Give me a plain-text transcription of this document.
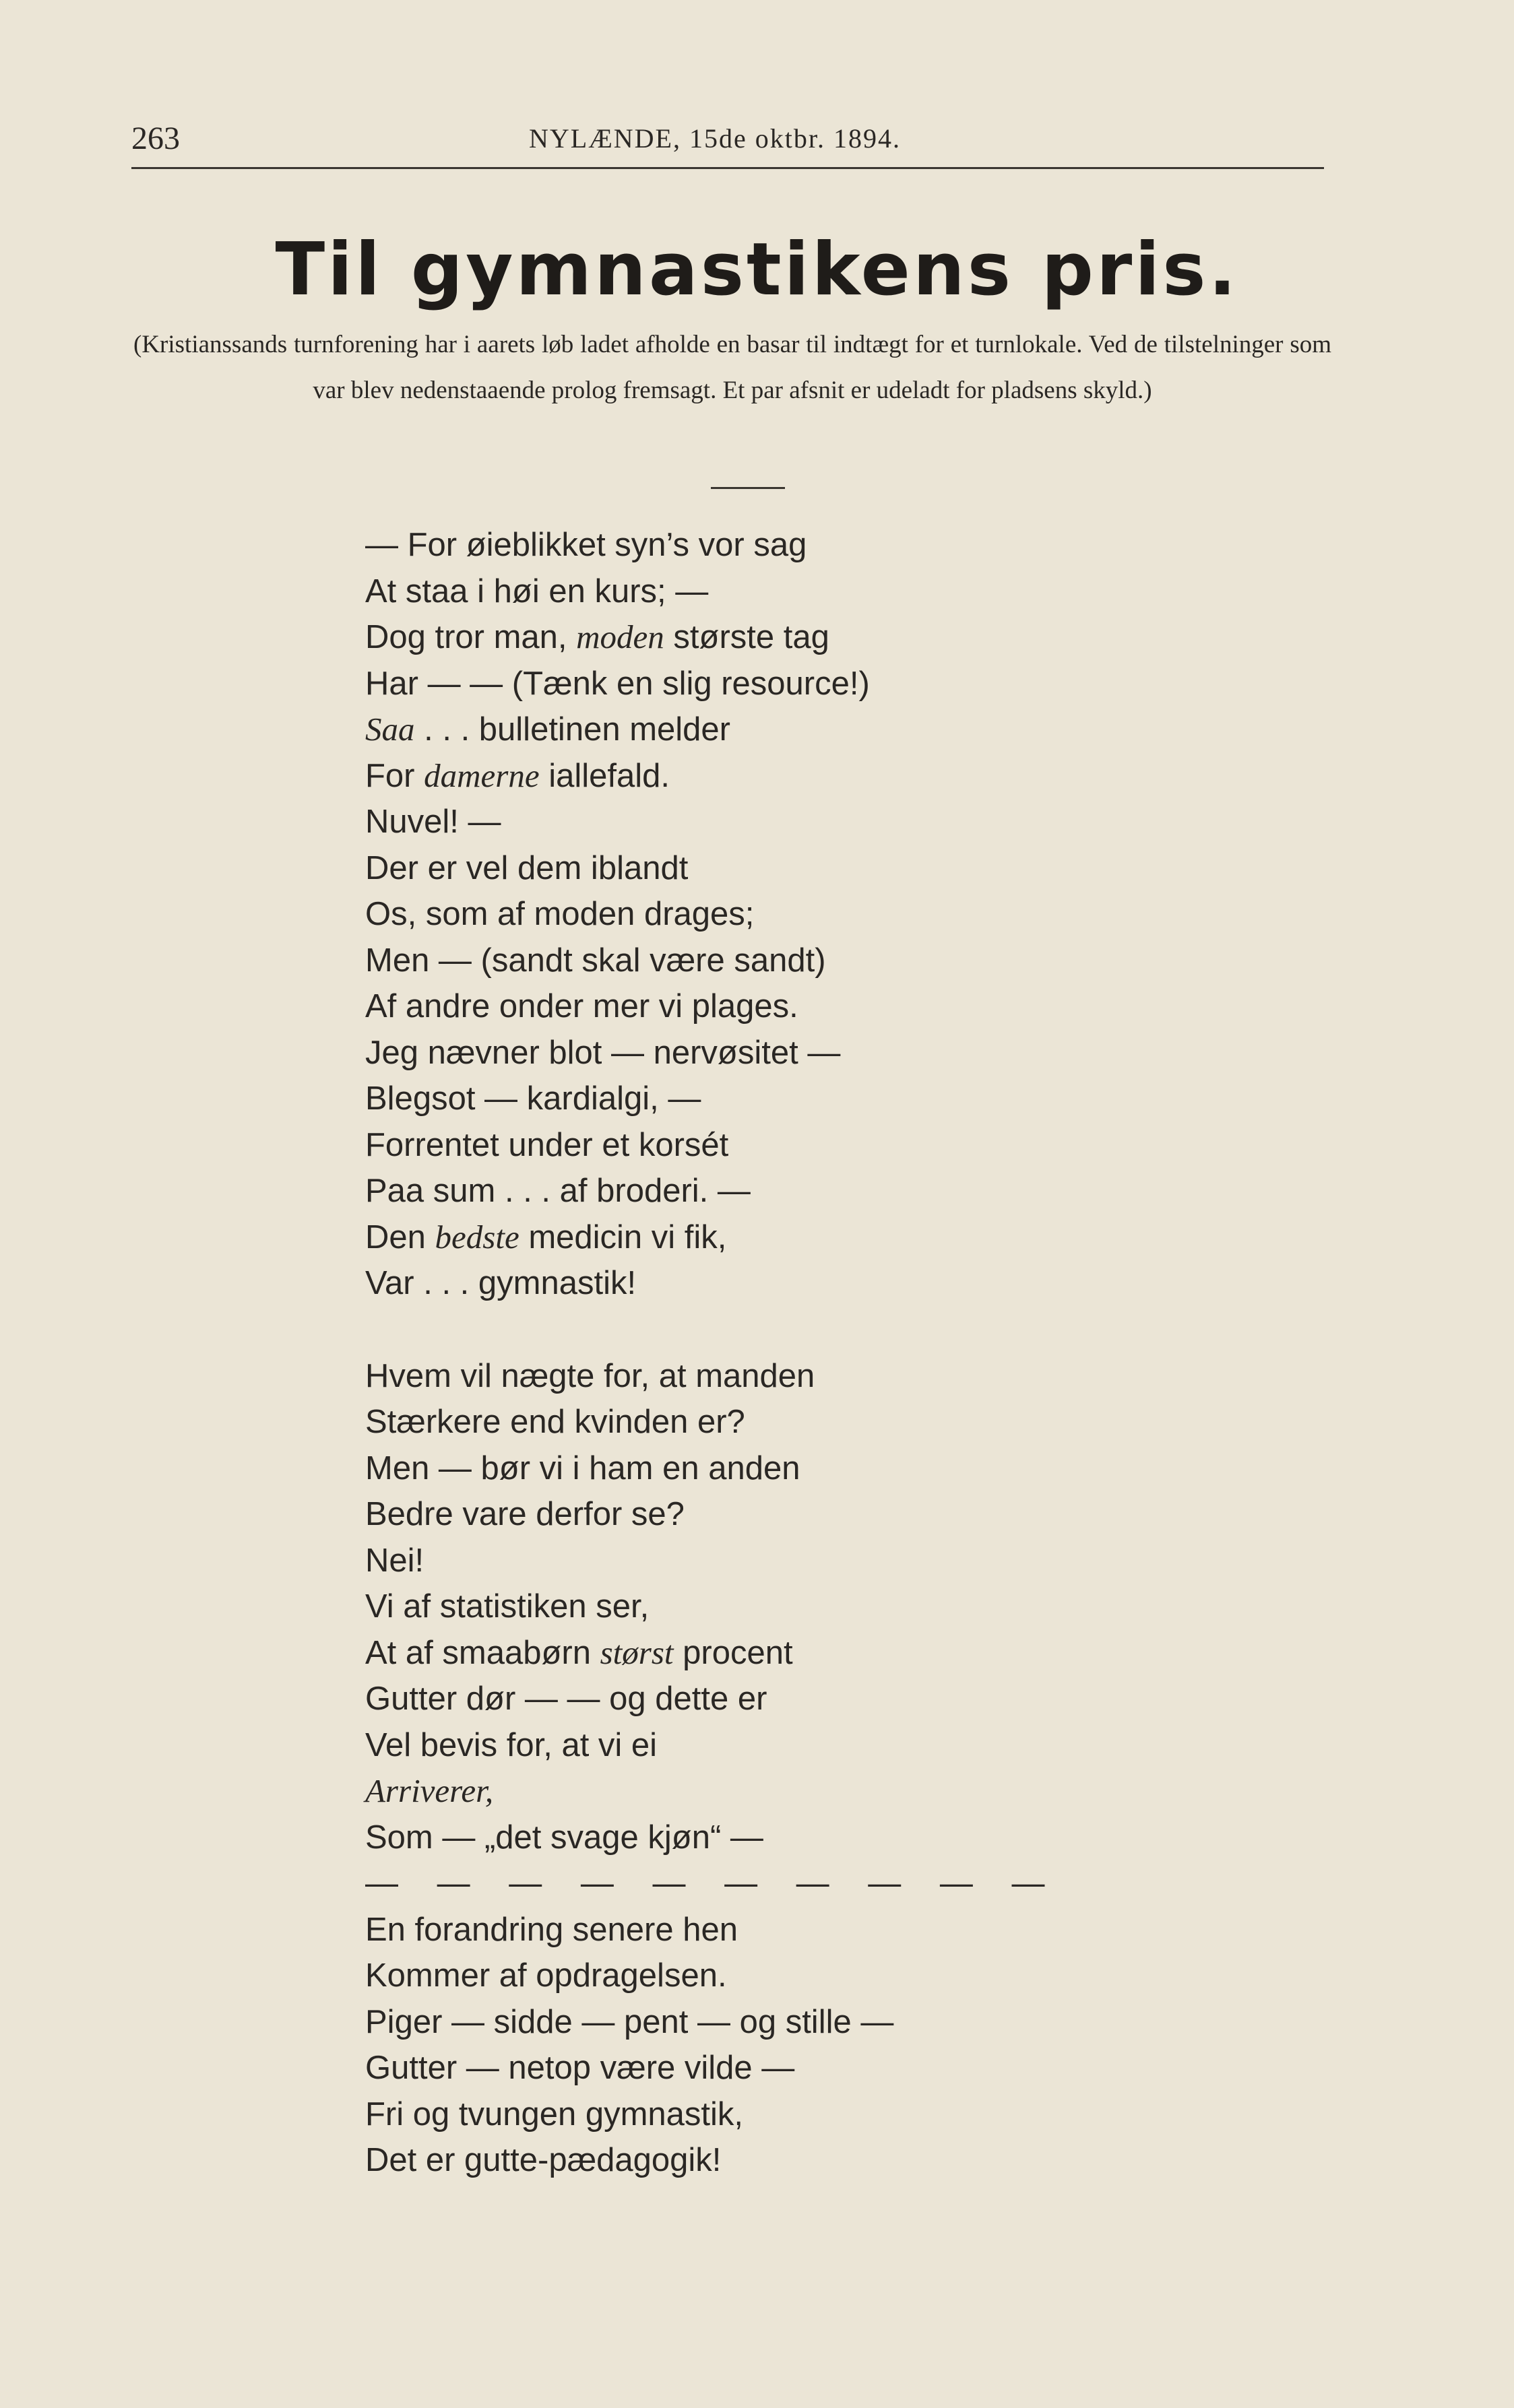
263	NYLÆNDE, 15de oktbr. 1894.
Til gymnastikens pris.
(Kristianssands turnforening har i aarets løb ladet afholde en basar til indtægt for et turnlokale. Ved de tilstelninger som var blev nedenstaaende prolog fremsagt. Et par afsnit er udeladt for pladsens skyld.)
— For øieblikket syn’s vor sag
At staa i høi en kurs; —
Dog tror man, moden største tag
Har — — (Tænk en slig resource!)
Saa . . . bulletinen melder
For damerne iallefald.
Nuvel! —
Der er vel dem iblandt
Os, som af moden drages;
Men — (sandt skal være sandt)
Af andre onder mer vi plages.
Jeg nævner blot — nervøsitet —
Blegsot — kardialgi, —
Forrentet under et korsét
Paa sum . . . af broderi. —
Den bedste medicin vi fik,
Var . . . gymnastik!
Hvem vil nægte for, at manden
Stærkere end kvinden er?
Men — bør vi i ham en anden
Bedre vare derfor se?
Nei!
Vi af statistiken ser,
At af smaabørn størst procent
Gutter dør — — og dette er
Vel bevis for, at vi ei
Arriverer,
Som — „det svage kjøn“ —
— — — — — — — — — —
En forandring senere hen
Kommer af opdragelsen.
Piger — sidde — pent — og stille —
Gutter — netop være vilde —
Fri og tvungen gymnastik,
Det er gutte-pædagogik!
